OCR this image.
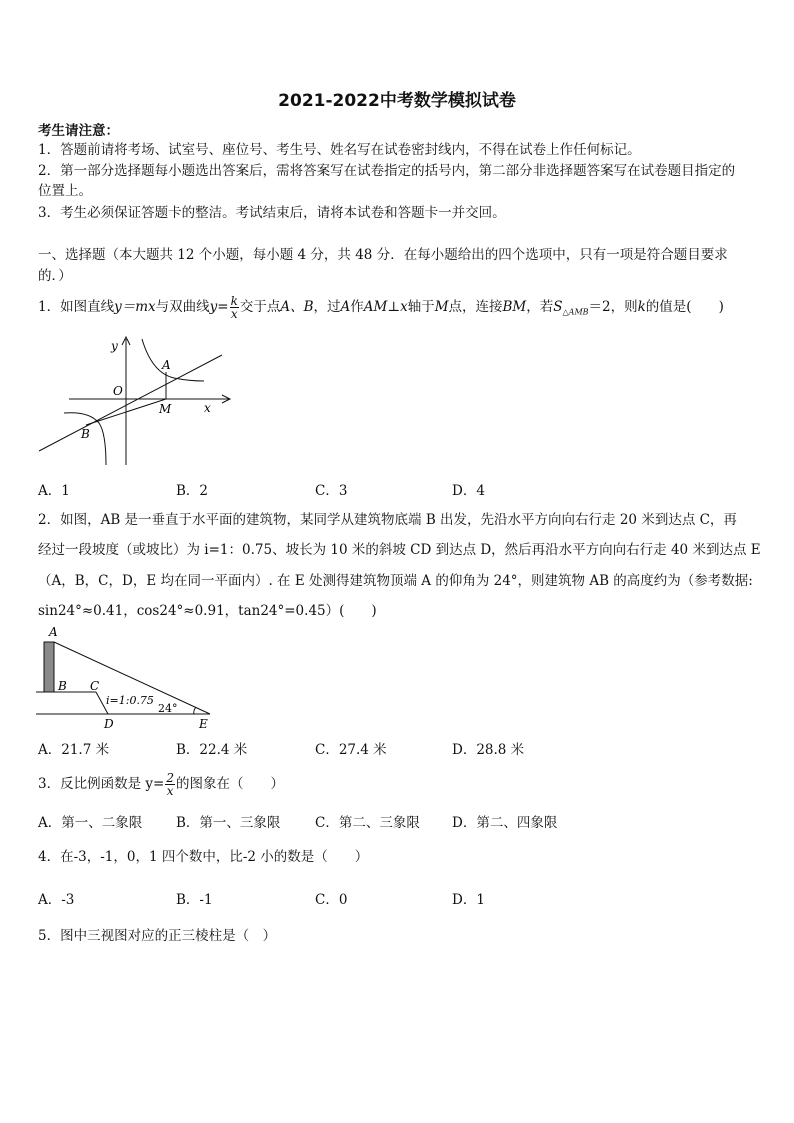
2021-2022中考数学模拟试卷
考生请注意：
1．答题前请将考场、试室号、座位号、考生号、姓名写在试卷密封线内，不得在试卷上作任何标记。
2．第一部分选择题每小题选出答案后，需将答案写在试卷指定的括号内，第二部分非选择题答案写在试卷题目指定的
位置上。
3．考生必须保证答题卡的整洁。考试结束后，请将本试卷和答题卡一并交回。
一、选择题（本大题共 12 个小题，每小题 4 分，共 48 分．在每小题给出的四个选项中，只有一项是符合题目要求
的．）
1．如图直线y＝mx与双曲线$y= \frac{k}{x}$ 交于点A、B，过A作AM⊥x轴于M点，连接BM，若$S_{\triangle AMB}=2$，则k的值是(　　)
y
O
A
M	x
B
A．1	B．2	C．3	D．4
2．如图，AB 是一垂直于水平面的建筑物，某同学从建筑物底端 B 出发，先沿水平方向向右行走 20 米到达点 C，再
经过一段坡度（或坡比）为 i=1：0.75、坡长为 10 米的斜坡 CD 到达点 D，然后再沿水平方向向右行走 40 米到达点 E
（A，B，C，D，E 均在同一平面内）. 在 E 处测得建筑物顶端 A 的仰角为 24°，则建筑物 AB 的高度约为（参考数据:
sin24°≈0.41，cos24°≈0.91，tan24°=0.45）(　　)
A
B C
D	E
i=1:0.75
24°
A．21.7 米	B．22.4 米	C．27.4 米	D．28.8 米
3．反比例函数是 $y= \frac{2}{x}$ 的图象在（　　）
A．第一、二象限	B．第一、三象限	C．第二、三象限 D．第二、四象限
4．在-3，-1，0，1 四个数中，比-2 小的数是（　　）
A．-3	B．-1	C．0	D．1
5．图中三视图对应的正三棱柱是（　）
